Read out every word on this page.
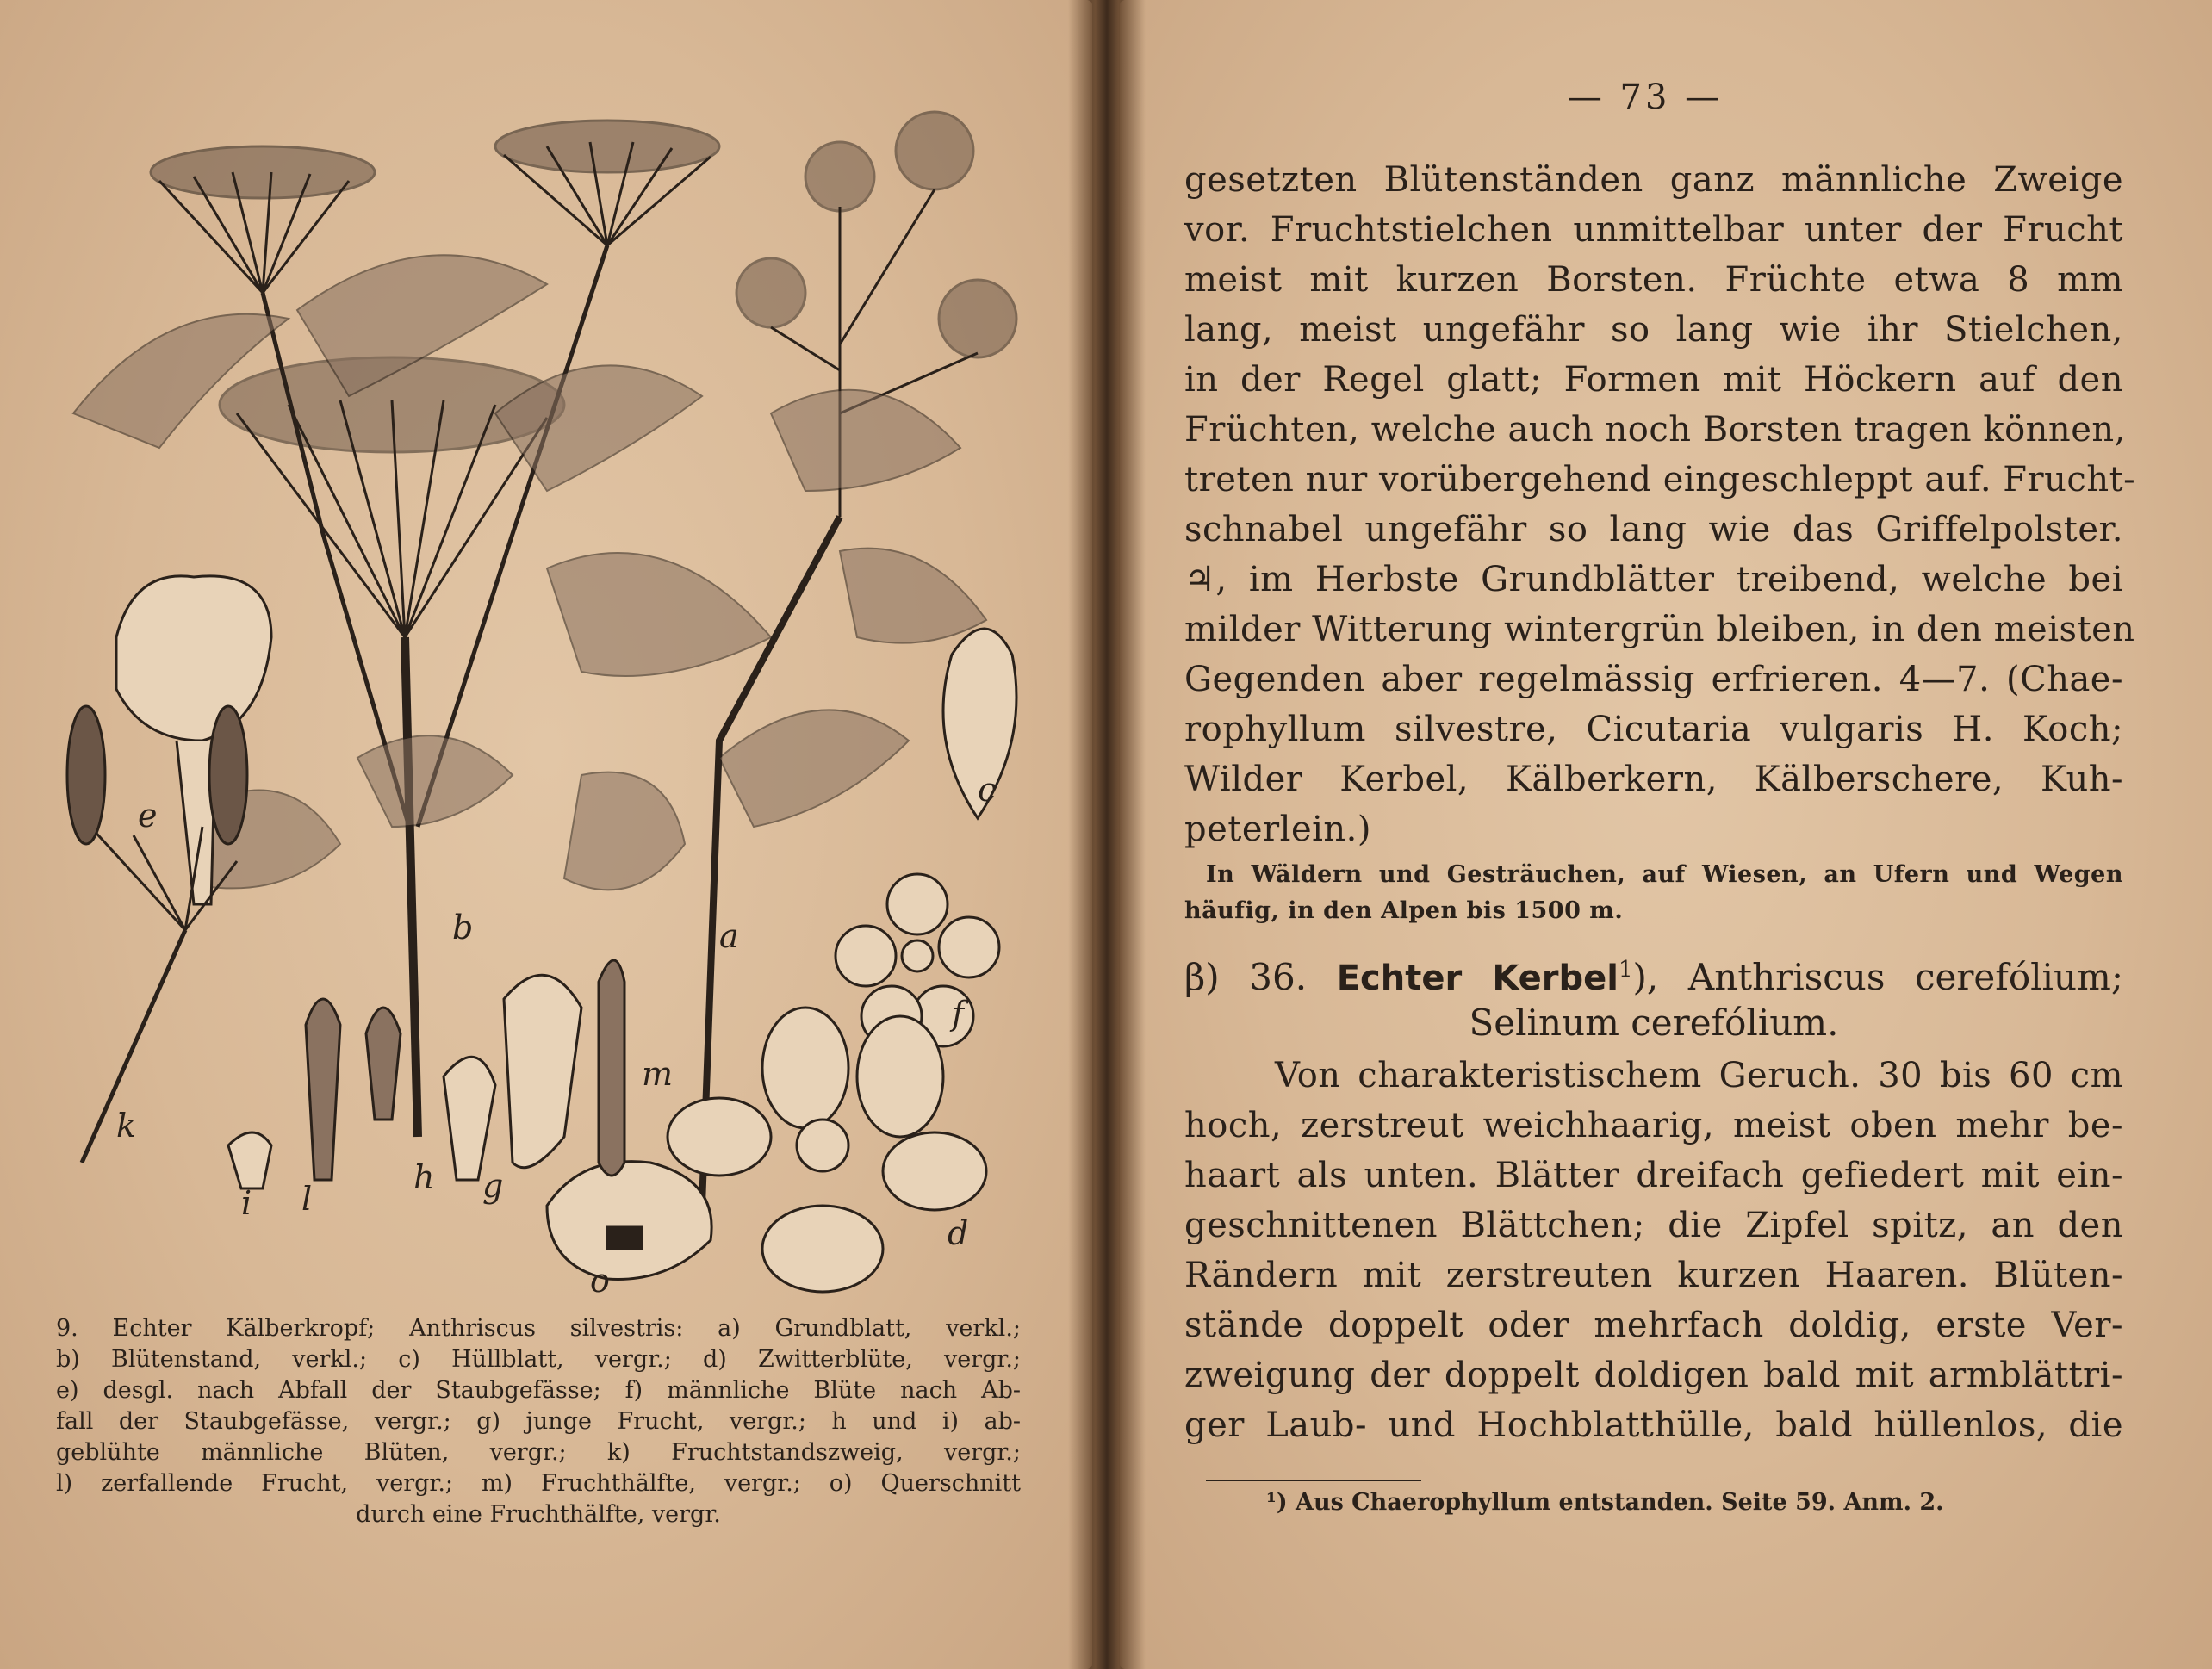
a
b
c
d
e
f
g
h
i
k
l
m
o
9. Echter Kälberkropf; Anthriscus silvestris: a) Grundblatt, verkl.;
b) Blütenstand, verkl.; c) Hüllblatt, vergr.; d) Zwitterblüte, vergr.;
e) desgl. nach Abfall der Staubgefässe; f) männliche Blüte nach Ab-
fall der Staubgefässe, vergr.; g) junge Frucht, vergr.; h und i) ab-
geblühte männliche Blüten, vergr.; k) Fruchtstandszweig, vergr.;
l) zerfallende Frucht, vergr.; m) Fruchthälfte, vergr.; o) Querschnitt
durch eine Fruchthälfte, vergr.
— 73 —
gesetzten Blütenständen ganz männliche Zweige
vor. Fruchtstielchen unmittelbar unter der Frucht
meist mit kurzen Borsten. Früchte etwa 8 mm
lang, meist ungefähr so lang wie ihr Stielchen,
in der Regel glatt; Formen mit Höckern auf den
Früchten, welche auch noch Borsten tragen können,
treten nur vorübergehend eingeschleppt auf. Frucht-
schnabel ungefähr so lang wie das Griffelpolster.
♃, im Herbste Grundblätter treibend, welche bei
milder Witterung wintergrün bleiben, in den meisten
Gegenden aber regelmässig erfrieren. 4—7. (Chae-
rophyllum silvestre, Cicutaria vulgaris H. Koch;
Wilder Kerbel, Kälberkern, Kälberschere, Kuh-
peterlein.)
In Wäldern und Gesträuchen, auf Wiesen, an Ufern und Wegen
häufig, in den Alpen bis 1500 m.
β) 36. Echter Kerbel$^1$), Anthriscus cerefólium;
Selinum cerefólium.
Von charakteristischem Geruch. 30 bis 60 cm
hoch, zerstreut weichhaarig, meist oben mehr be-
haart als unten. Blätter dreifach gefiedert mit ein-
geschnittenen Blättchen; die Zipfel spitz, an den
Rändern mit zerstreuten kurzen Haaren. Blüten-
stände doppelt oder mehrfach doldig, erste Ver-
zweigung der doppelt doldigen bald mit armblättri-
ger Laub- und Hochblatthülle, bald hüllenlos, die
¹) Aus Chaerophyllum entstanden. Seite 59. Anm. 2.
